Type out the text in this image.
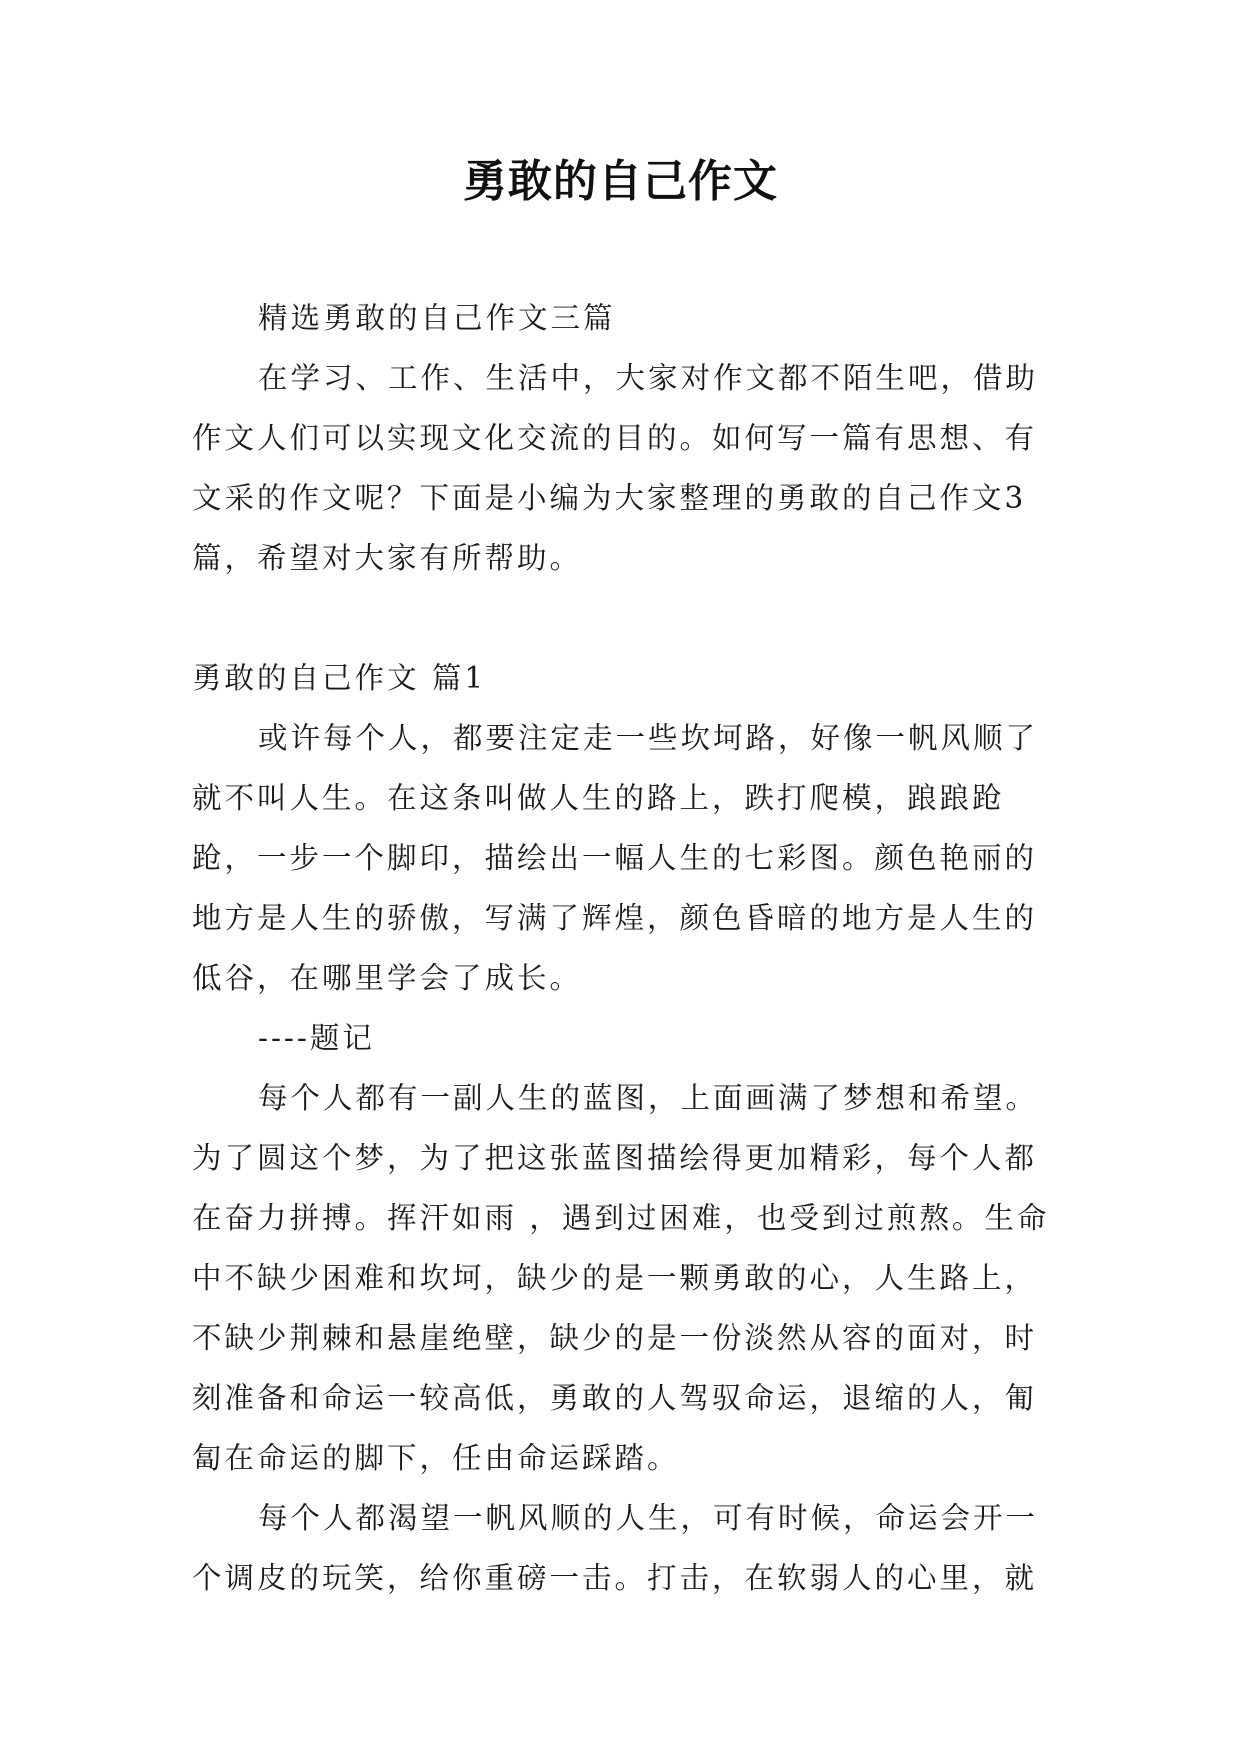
勇敢的自己作文

精选勇敢的自己作文三篇

在学习、工作、生活中，大家对作文都不陌生吧，借助作文人们可以实现文化交流的目的。如何写一篇有思想、有文采的作文呢？下面是小编为大家整理的勇敢的自己作文3篇，希望对大家有所帮助。

勇敢的自己作文 篇1

或许每个人，都要注定走一些坎坷路，好像一帆风顺了就不叫人生。在这条叫做人生的路上，跌打爬模，踉踉跄跄，一步一个脚印，描绘出一幅人生的七彩图。颜色艳丽的地方是人生的骄傲，写满了辉煌，颜色昏暗的地方是人生的低谷，在哪里学会了成长。

----题记

每个人都有一副人生的蓝图，上面画满了梦想和希望。为了圆这个梦，为了把这张蓝图描绘得更加精彩，每个人都在奋力拼搏。挥汗如雨 ，遇到过困难，也受到过煎熬。生命中不缺少困难和坎坷，缺少的是一颗勇敢的心，人生路上，不缺少荆棘和悬崖绝壁，缺少的是一份淡然从容的面对，时刻准备和命运一较高低，勇敢的人驾驭命运，退缩的人，匍匐在命运的脚下，任由命运踩踏。

每个人都渴望一帆风顺的人生，可有时候，命运会开一个调皮的玩笑，给你重磅一击。打击，在软弱人的心里，就
